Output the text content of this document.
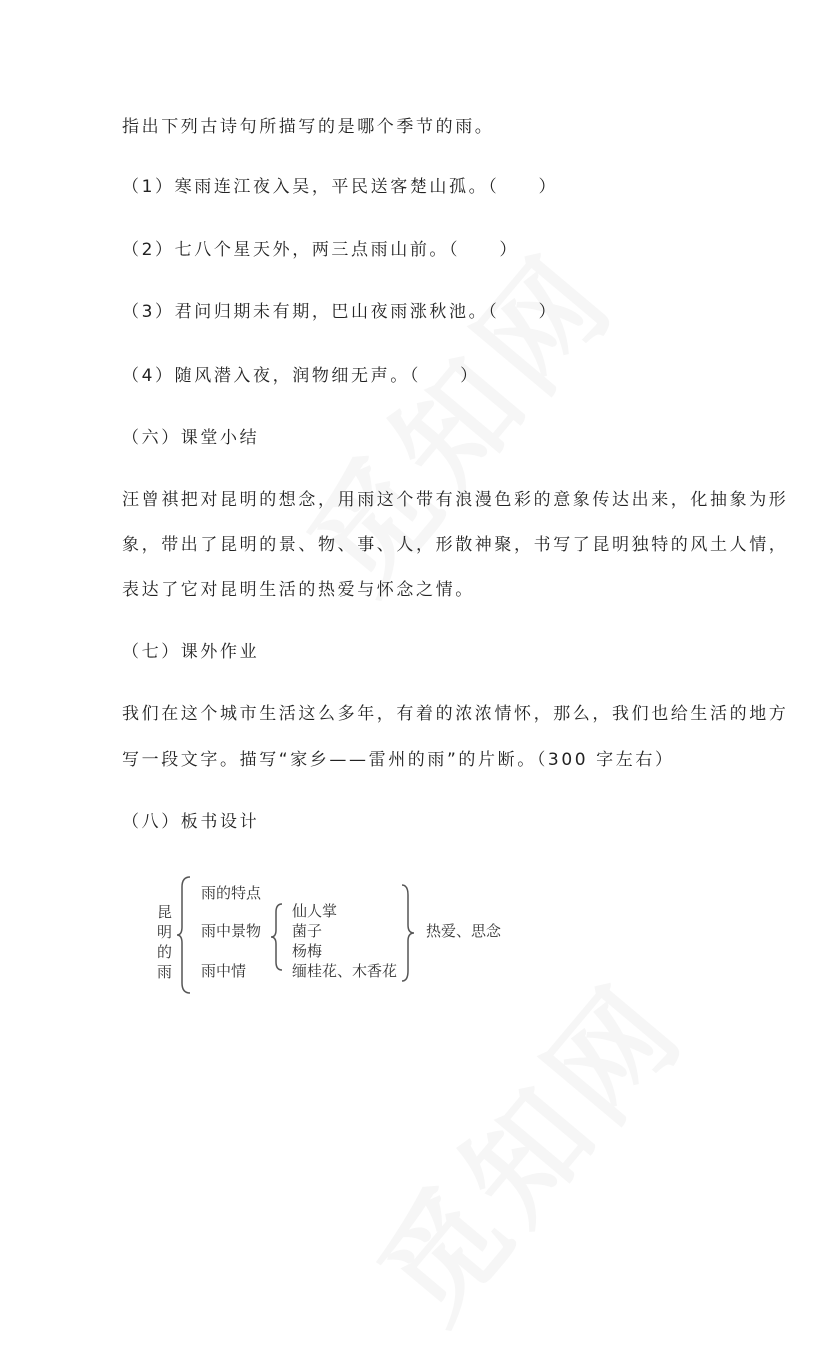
指出下列古诗句所描写的是哪个季节的雨。
（1）寒雨连江夜入吴，平民送客楚山孤。（　　）
（2）七八个星天外，两三点雨山前。（　　）
（3）君问归期未有期，巴山夜雨涨秋池。（　　）
（4）随风潜入夜，润物细无声。（　　）
（六）课堂小结
汪曾祺把对昆明的想念，用雨这个带有浪漫色彩的意象传达出来，化抽象为形
象，带出了昆明的景、物、事、人，形散神聚，书写了昆明独特的风土人情，
表达了它对昆明生活的热爱与怀念之情。
（七）课外作业
我们在这个城市生活这么多年，有着的浓浓情怀，那么，我们也给生活的地方
写一段文字。描写“家乡——雷州的雨”的片断。（300 字左右）
（八）板书设计
昆
明
的
雨
雨的特点
雨中景物
雨中情
仙人掌
菌子
杨梅
缅桂花、木香花
热爱、思念
